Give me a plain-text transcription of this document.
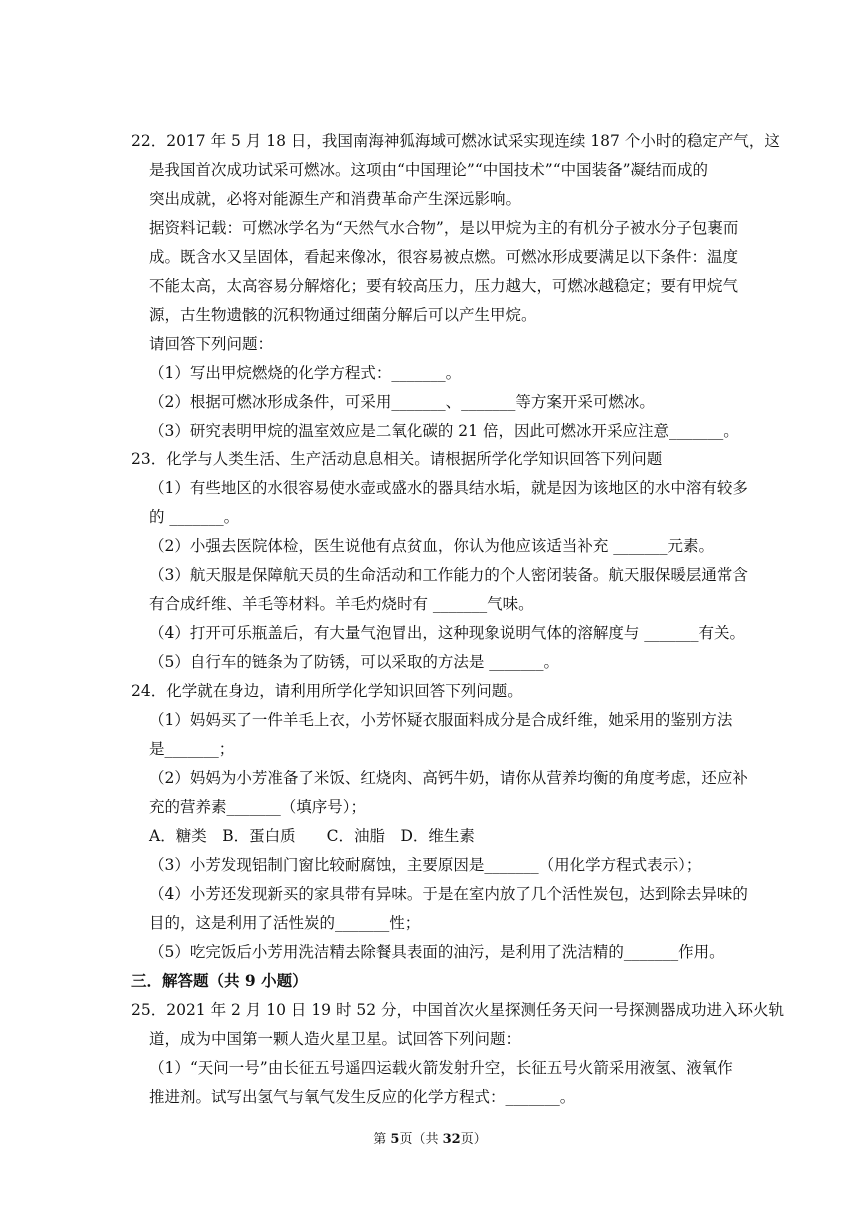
22．2017 年 5 月 18 日，我国南海神狐海域可燃冰试采实现连续 187 个小时的稳定产气，这
是我国首次成功试采可燃冰。这项由“中国理论”“中国技术”“中国装备”凝结而成的
突出成就，必将对能源生产和消费革命产生深远影响。
据资料记载：可燃冰学名为“天然气水合物”，是以甲烷为主的有机分子被水分子包裹而
成。既含水又呈固体，看起来像冰，很容易被点燃。可燃冰形成要满足以下条件：温度
不能太高，太高容易分解熔化；要有较高压力，压力越大，可燃冰越稳定；要有甲烷气
源，古生物遗骸的沉积物通过细菌分解后可以产生甲烷。
请回答下列问题：
（1）写出甲烷燃烧的化学方程式：_______。
（2）根据可燃冰形成条件，可采用_______、_______等方案开采可燃冰。
（3）研究表明甲烷的温室效应是二氧化碳的 21 倍，因此可燃冰开采应注意_______。
23．化学与人类生活、生产活动息息相关。请根据所学化学知识回答下列问题
（1）有些地区的水很容易使水壶或盛水的器具结水垢，就是因为该地区的水中溶有较多
的 _______。
（2）小强去医院体检，医生说他有点贫血，你认为他应该适当补充 _______元素。
（3）航天服是保障航天员的生命活动和工作能力的个人密闭装备。航天服保暖层通常含
有合成纤维、羊毛等材料。羊毛灼烧时有 _______气味。
（4）打开可乐瓶盖后，有大量气泡冒出，这种现象说明气体的溶解度与 _______有关。
（5）自行车的链条为了防锈，可以采取的方法是 _______。
24．化学就在身边，请利用所学化学知识回答下列问题。
（1）妈妈买了一件羊毛上衣，小芳怀疑衣服面料成分是合成纤维，她采用的鉴别方法
是_______；
（2）妈妈为小芳准备了米饭、红烧肉、高钙牛奶，请你从营养均衡的角度考虑，还应补
充的营养素_______（填序号）；
A．糖类　B．蛋白质　　C．油脂　D．维生素
（3）小芳发现铝制门窗比较耐腐蚀，主要原因是_______（用化学方程式表示）；
（4）小芳还发现新买的家具带有异味。于是在室内放了几个活性炭包，达到除去异味的
目的，这是利用了活性炭的_______性；
（5）吃完饭后小芳用洗洁精去除餐具表面的油污，是利用了洗洁精的_______作用。
三．解答题（共 9 小题）
25．2021 年 2 月 10 日 19 时 52 分，中国首次火星探测任务天问一号探测器成功进入环火轨
道，成为中国第一颗人造火星卫星。试回答下列问题：
（1）“天问一号”由长征五号遥四运载火箭发射升空，长征五号火箭采用液氢、液氧作
推进剂。试写出氢气与氧气发生反应的化学方程式：_______。
第 5页（共 32页）
